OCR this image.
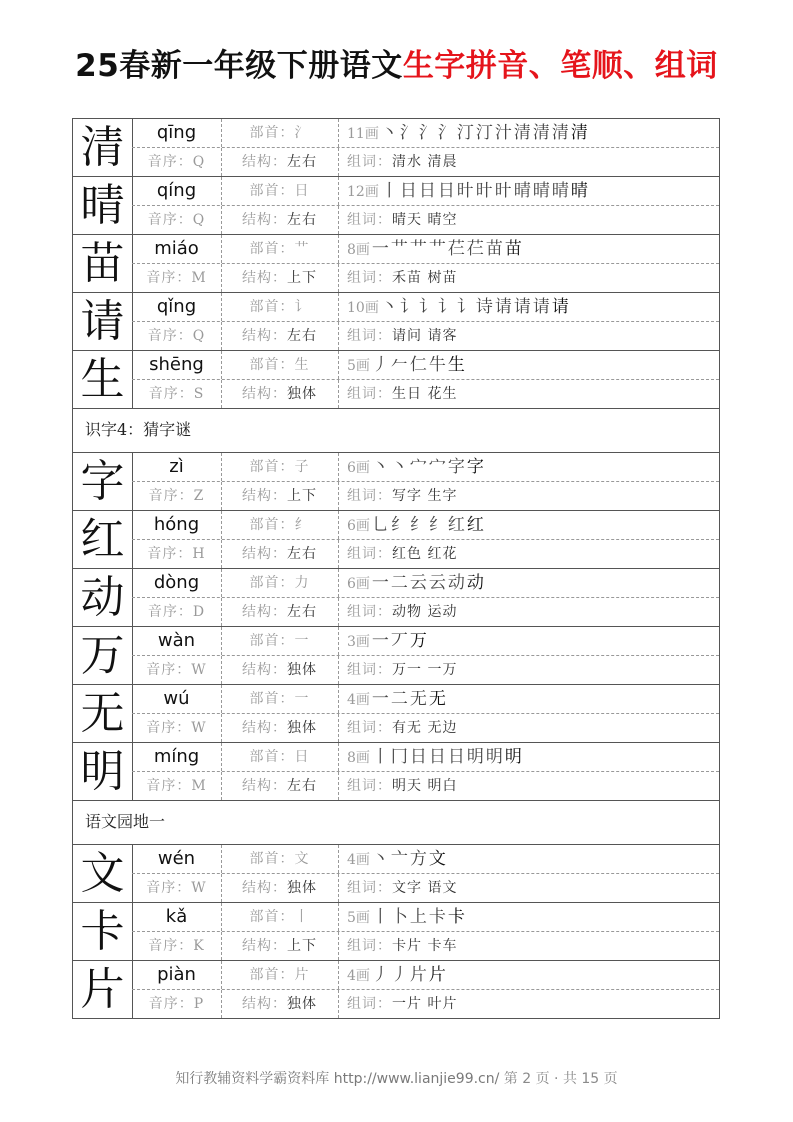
25春新一年级下册语文生字拼音、笔顺、组词
清	qīng	部首：氵	11画 丶 氵 氵 氵 汀 汀 汁 清 清 清 清
音序：Q	结构：左右	组词：清水 清晨
晴	qíng	部首：日	12画 丨 日 日 日 旪 旪 旪 晴 晴 晴 晴
音序：Q	结构：左右	组词：晴天 晴空
苗	miáo	部首：艹	8画 一 艹 艹 艹 芢 芢 苗 苗
音序：M	结构：上下	组词：禾苗 树苗
请	qǐng	部首：讠	10画 丶 讠 讠 讠 讠 诗 请 请 请 请
音序：Q	结构：左右	组词：请问 请客
生	shēng	部首：生	5画 丿 𠂉 仁 牛 生
音序：S	结构：独体	组词：生日 花生
识字4：猜字谜
字	zì	部首：子	6画 丶 丶 宀 宀 字 字
音序：Z	结构：上下	组词：写字 生字
红	hóng	部首：纟	6画 乚 纟 纟 纟 红 红
音序：H	结构：左右	组词：红色 红花
动	dòng	部首：力	6画 一 二 云 云 动 动
音序：D	结构：左右	组词：动物 运动
万	wàn	部首：一	3画 一 丆 万
音序：W	结构：独体	组词：万一 一万
无	wú	部首：一	4画 一 二 无 无
音序：W	结构：独体	组词：有无 无边
明	míng	部首：日	8画 丨 冂 日 日 日 明 明 明
音序：M	结构：左右	组词：明天 明白
语文园地一
文	wén	部首：文	4画 丶 亠 方 文
音序：W	结构：独体	组词：文字 语文
卡	kǎ	部首：丨	5画 丨 卜 上 卡 卡
音序：K	结构：上下	组词：卡片 卡车
片	piàn	部首：片	4画 丿 丿 片 片
音序：P	结构：独体	组词：一片 叶片
知行教辅资料学霸资料库 http://www.lianjie99.cn/ 第 2 页 · 共 15 页
